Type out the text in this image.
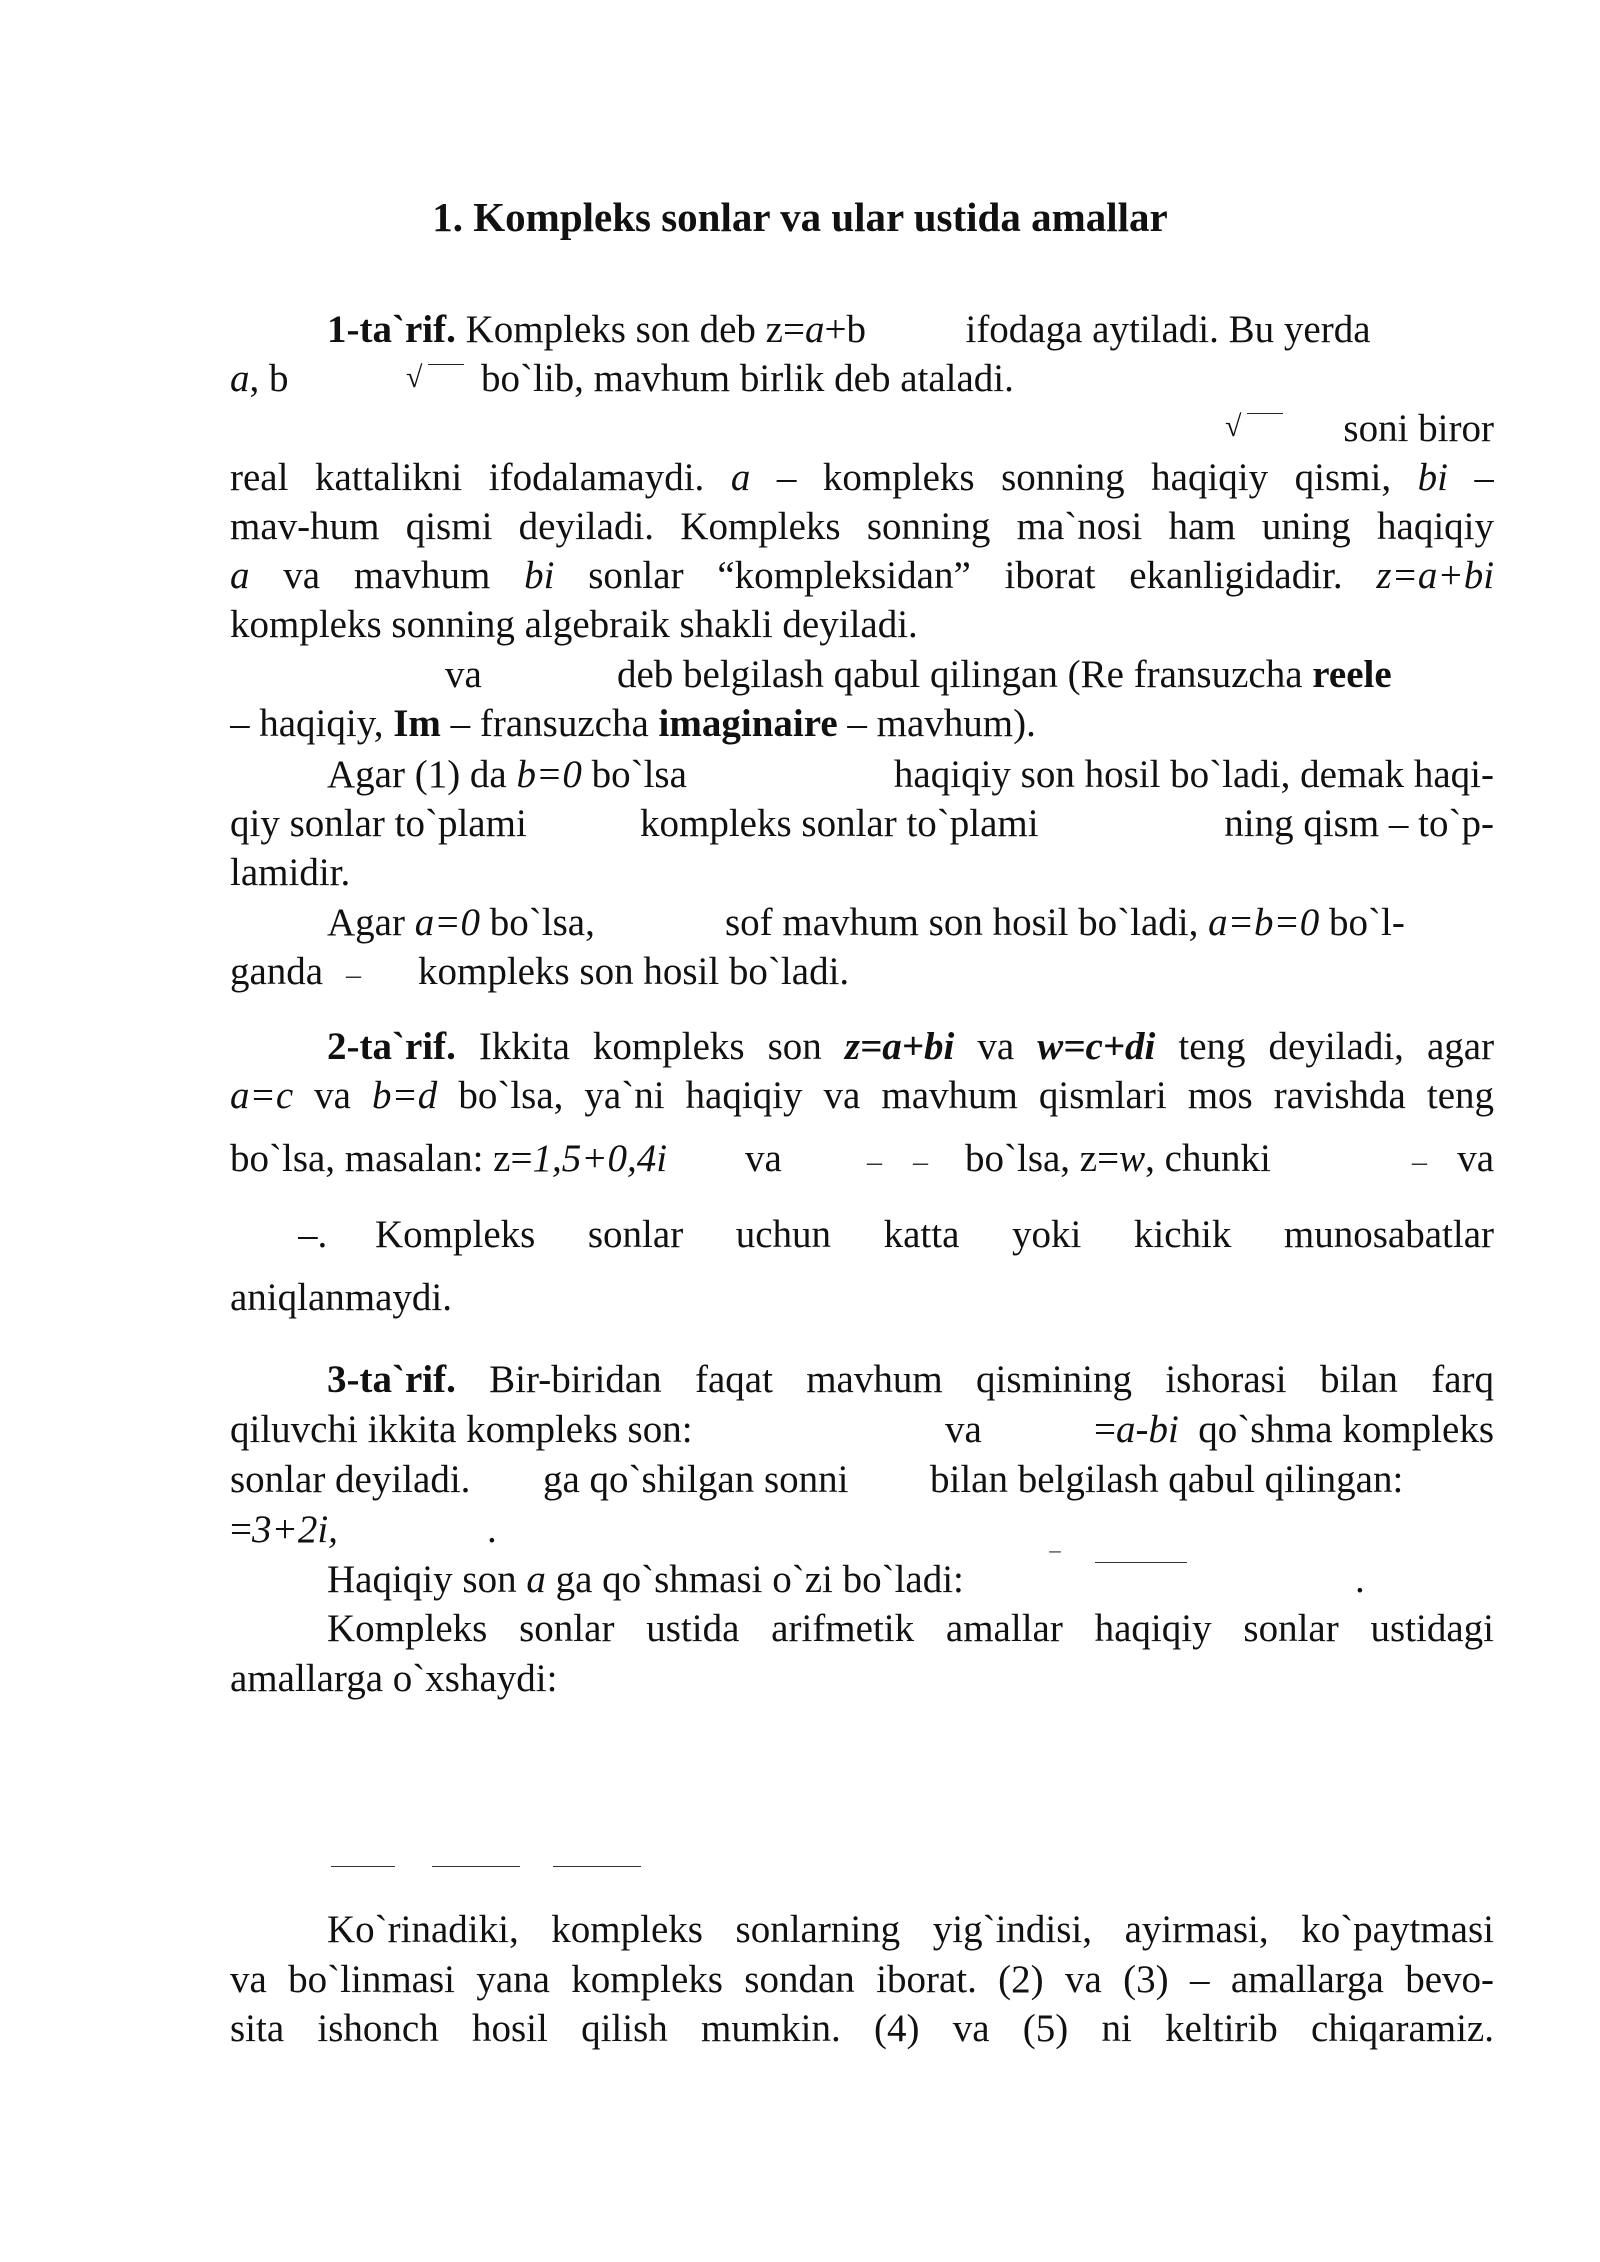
1. Kompleks sonlar va ular ustida amallar
1-ta`rif. Kompleks son deb z=a+b	ifodaga aytiladi. Bu yerda
a, b	√ bo`lib, mavhum birlik deb ataladi.
√	soni biror
real kattalikni ifodalamaydi. a – kompleks sonning haqiqiy qismi, bi –
mav-hum qismi deyiladi. Kompleks sonning ma`nosi ham uning haqiqiy
a va mavhum bi sonlar “kompleksidan” iborat ekanligidadir. z=a+bi
kompleks sonning algebraik shakli deyiladi.
va	deb belgilash qabul qilingan (Re fransuzcha reele
– haqiqiy, Im – fransuzcha imaginaire – mavhum).
Agar (1) da b=0 bo`lsa	haqiqiy son hosil bo`ladi, demak haqi-
qiy sonlar to`plami	kompleks sonlar to`plami	ning qism – to`p-
lamidir.
Agar a=0 bo`lsa,	sof mavhum son hosil bo`ladi, a=b=0 bo`l-
ganda – kompleks son hosil bo`ladi.
2-ta`rif. Ikkita kompleks son z=a+bi va w=c+di teng deyiladi, agar
a=c va b=d bo`lsa, ya`ni haqiqiy va mavhum qismlari mos ravishda teng
bo`lsa, masalan: z=1,5+0,4i	va	– – bo`lsa, z=w, chunki	– va
–.	Kompleks sonlar uchun katta yoki kichik munosabatlar
aniqlanmaydi.
3-ta`rif. Bir-biridan faqat mavhum qismining ishorasi bilan farq
qiluvchi ikkita kompleks son:	va	=a-bi qo`shma kompleks
sonlar deyiladi.	ga qo`shilgan sonni	bilan belgilash qabul qilingan:
=3+2i,	.
Haqiqiy son a ga qo`shmasi o`zi bo`ladi:	‾	.
Kompleks sonlar ustida arifmetik amallar haqiqiy sonlar ustidagi
amallarga o`xshaydi:
Ko`rinadiki, kompleks sonlarning yig`indisi, ayirmasi, ko`paytmasi
va bo`linmasi yana kompleks sondan iborat. (2) va (3) – amallarga bevo-
sita ishonch hosil qilish mumkin. (4) va (5) ni keltirib chiqaramiz.
